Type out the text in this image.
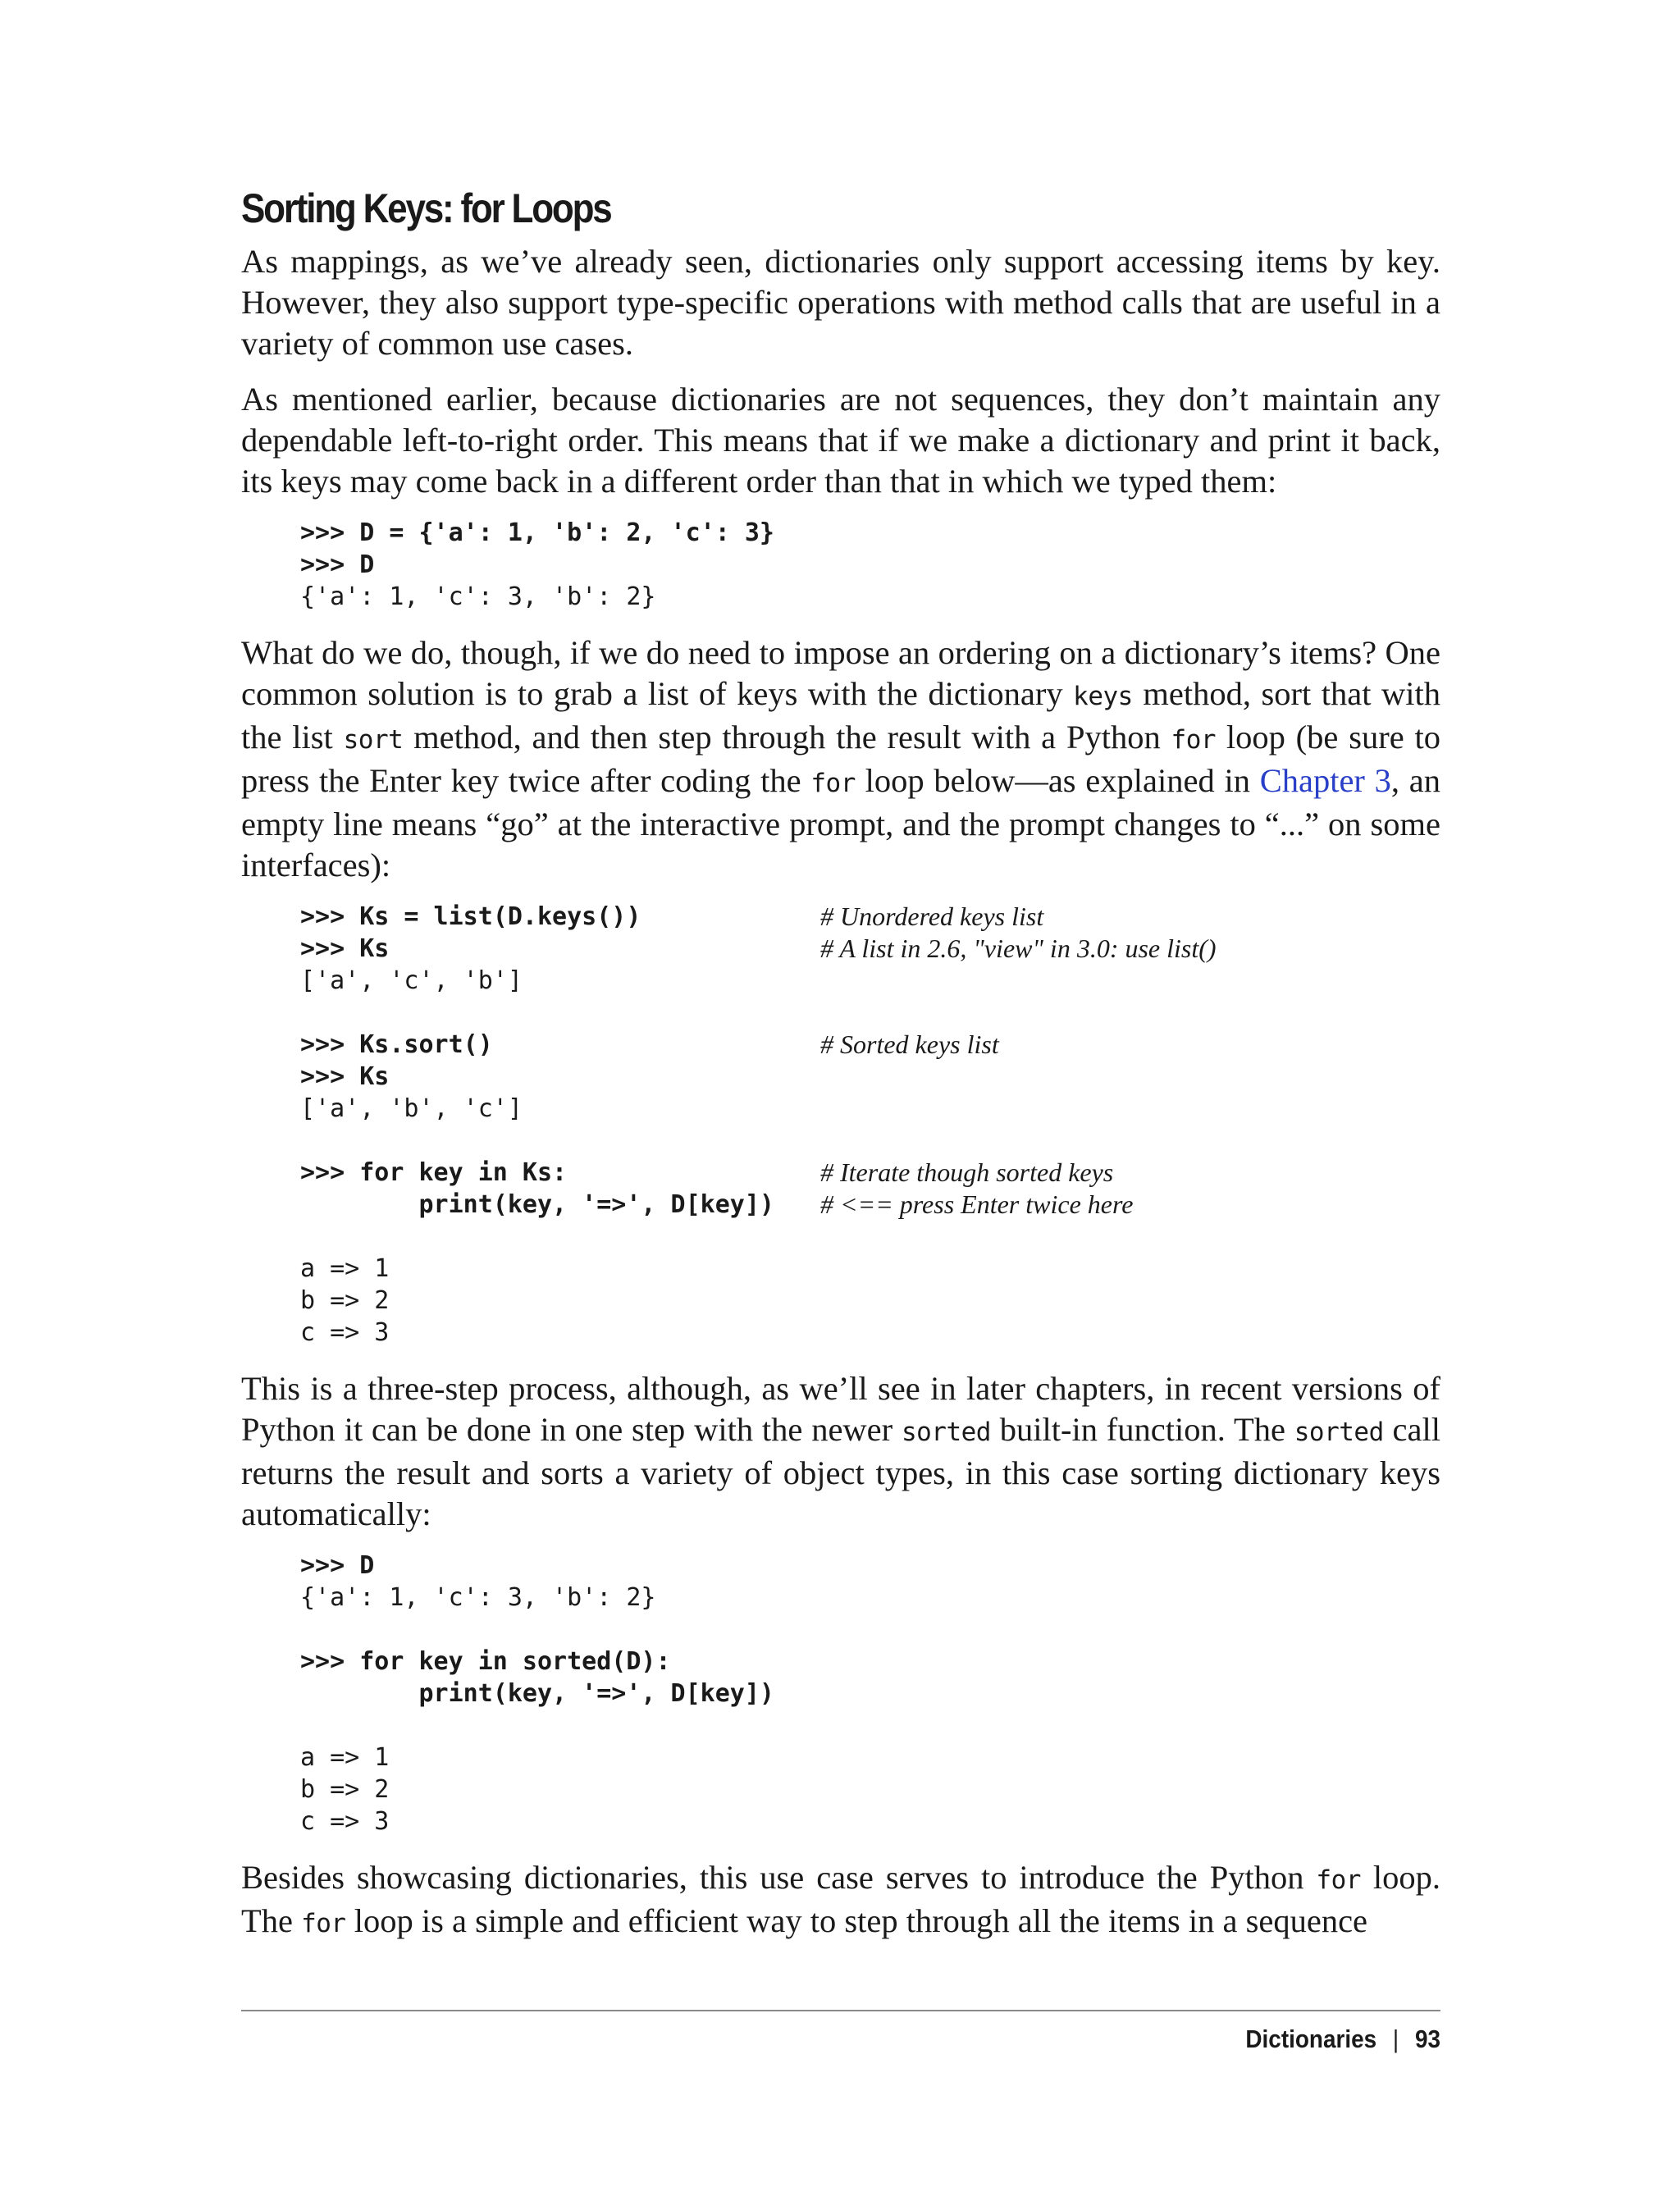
Sorting Keys: for Loops

As mappings, as we’ve already seen, dictionaries only support accessing items by key. However, they also support type-specific operations with method calls that are useful in a variety of common use cases.

As mentioned earlier, because dictionaries are not sequences, they don’t maintain any dependable left-to-right order. This means that if we make a dictionary and print it back, its keys may come back in a different order than that in which we typed them:

>>> D = {'a': 1, 'b': 2, 'c': 3}
>>> D
{'a': 1, 'c': 3, 'b': 2}

What do we do, though, if we do need to impose an ordering on a dictionary’s items? One common solution is to grab a list of keys with the dictionary keys method, sort that with the list sort method, and then step through the result with a Python for loop (be sure to press the Enter key twice after coding the for loop below—as explained in Chapter 3, an empty line means “go” at the interactive prompt, and the prompt changes to “...” on some interfaces):

>>> Ks = list(D.keys())	# Unordered keys list
>>> Ks	# A list in 2.6, "view" in 3.0: use list()
['a', 'c', 'b']
>>> Ks.sort()	# Sorted keys list
>>> Ks
['a', 'b', 'c']
>>> for key in Ks:	# Iterate though sorted keys
print(key, '=>', D[key]) # <== press Enter twice here
a => 1
b => 2
c => 3

This is a three-step process, although, as we’ll see in later chapters, in recent versions of Python it can be done in one step with the newer sorted built-in function. The sorted call returns the result and sorts a variety of object types, in this case sorting dictionary keys automatically:

>>> D
{'a': 1, 'c': 3, 'b': 2}
>>> for key in sorted(D):
print(key, '=>', D[key])
a => 1
b => 2
c => 3

Besides showcasing dictionaries, this use case serves to introduce the Python for loop. The for loop is a simple and efficient way to step through all the items in a sequence

Dictionaries | 93
